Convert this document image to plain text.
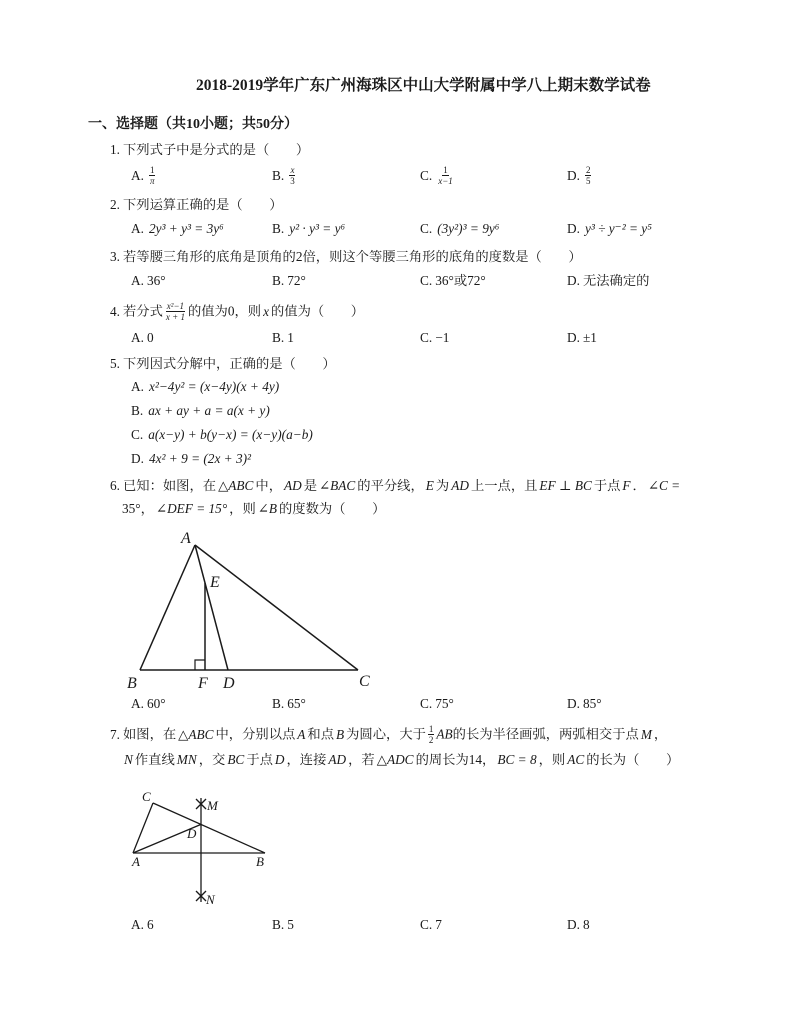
2018-2019学年广东广州海珠区中山大学附属中学八上期末数学试卷
一、选择题（共10小题；共50分）
1. 下列式子中是分式的是（　　）
A. $\frac{1}{\pi}$	B. $\frac{x}{3}$	C. $\frac{1}{x-1}$	D. $\frac{2}{5}$
2. 下列运算正确的是（　　）
A. 2y³ + y³ = 3y⁶	B. y² · y³ = y⁶	C. (3y²)³ = 9y⁶	D. y³ ÷ y⁻² = y⁵
3. 若等腰三角形的底角是顶角的2倍，则这个等腰三角形的底角的度数是（　　）
A. 36°	B. 72°	C. 36°或72°	D. 无法确定的
4. 若分式 $\frac{\text{x²−1}}{x + 1}$ 的值为0，则 x 的值为（　　）
A. 0	B. 1	C. −1	D. ±1
5. 下列因式分解中，正确的是（　　）
A. x²−4y² = (x−4y)(x + 4y)
B. ax + ay + a = a(x + y)
C. a(x−y) + b(y−x) = (x−y)(a−b)
D. 4x² + 9 = (2x + 3)²
6. 已知：如图，在 △ABC 中， AD 是 ∠BAC 的平分线， E 为 AD 上一点，且 EF ⊥ BC 于点 F ． ∠C =
35°， ∠DEF = 15° ，则 ∠B 的度数为（　　）
A
E
B	F D	C
A. 60°	B. 65°	C. 75°	D. 85°
7. 如图，在 △ABC 中，分别以点 A 和点 B 为圆心，大于 $\frac{1}{2}$ AB的长为半径画弧，两弧相交于点 M ，
N 作直线 MN ，交 BC 于点 D ，连接 AD ，若 △ADC 的周长为14， BC = 8 ，则 AC 的长为（　　）
C
M
D
A	B
N
A. 6	B. 5	C. 7	D. 8
